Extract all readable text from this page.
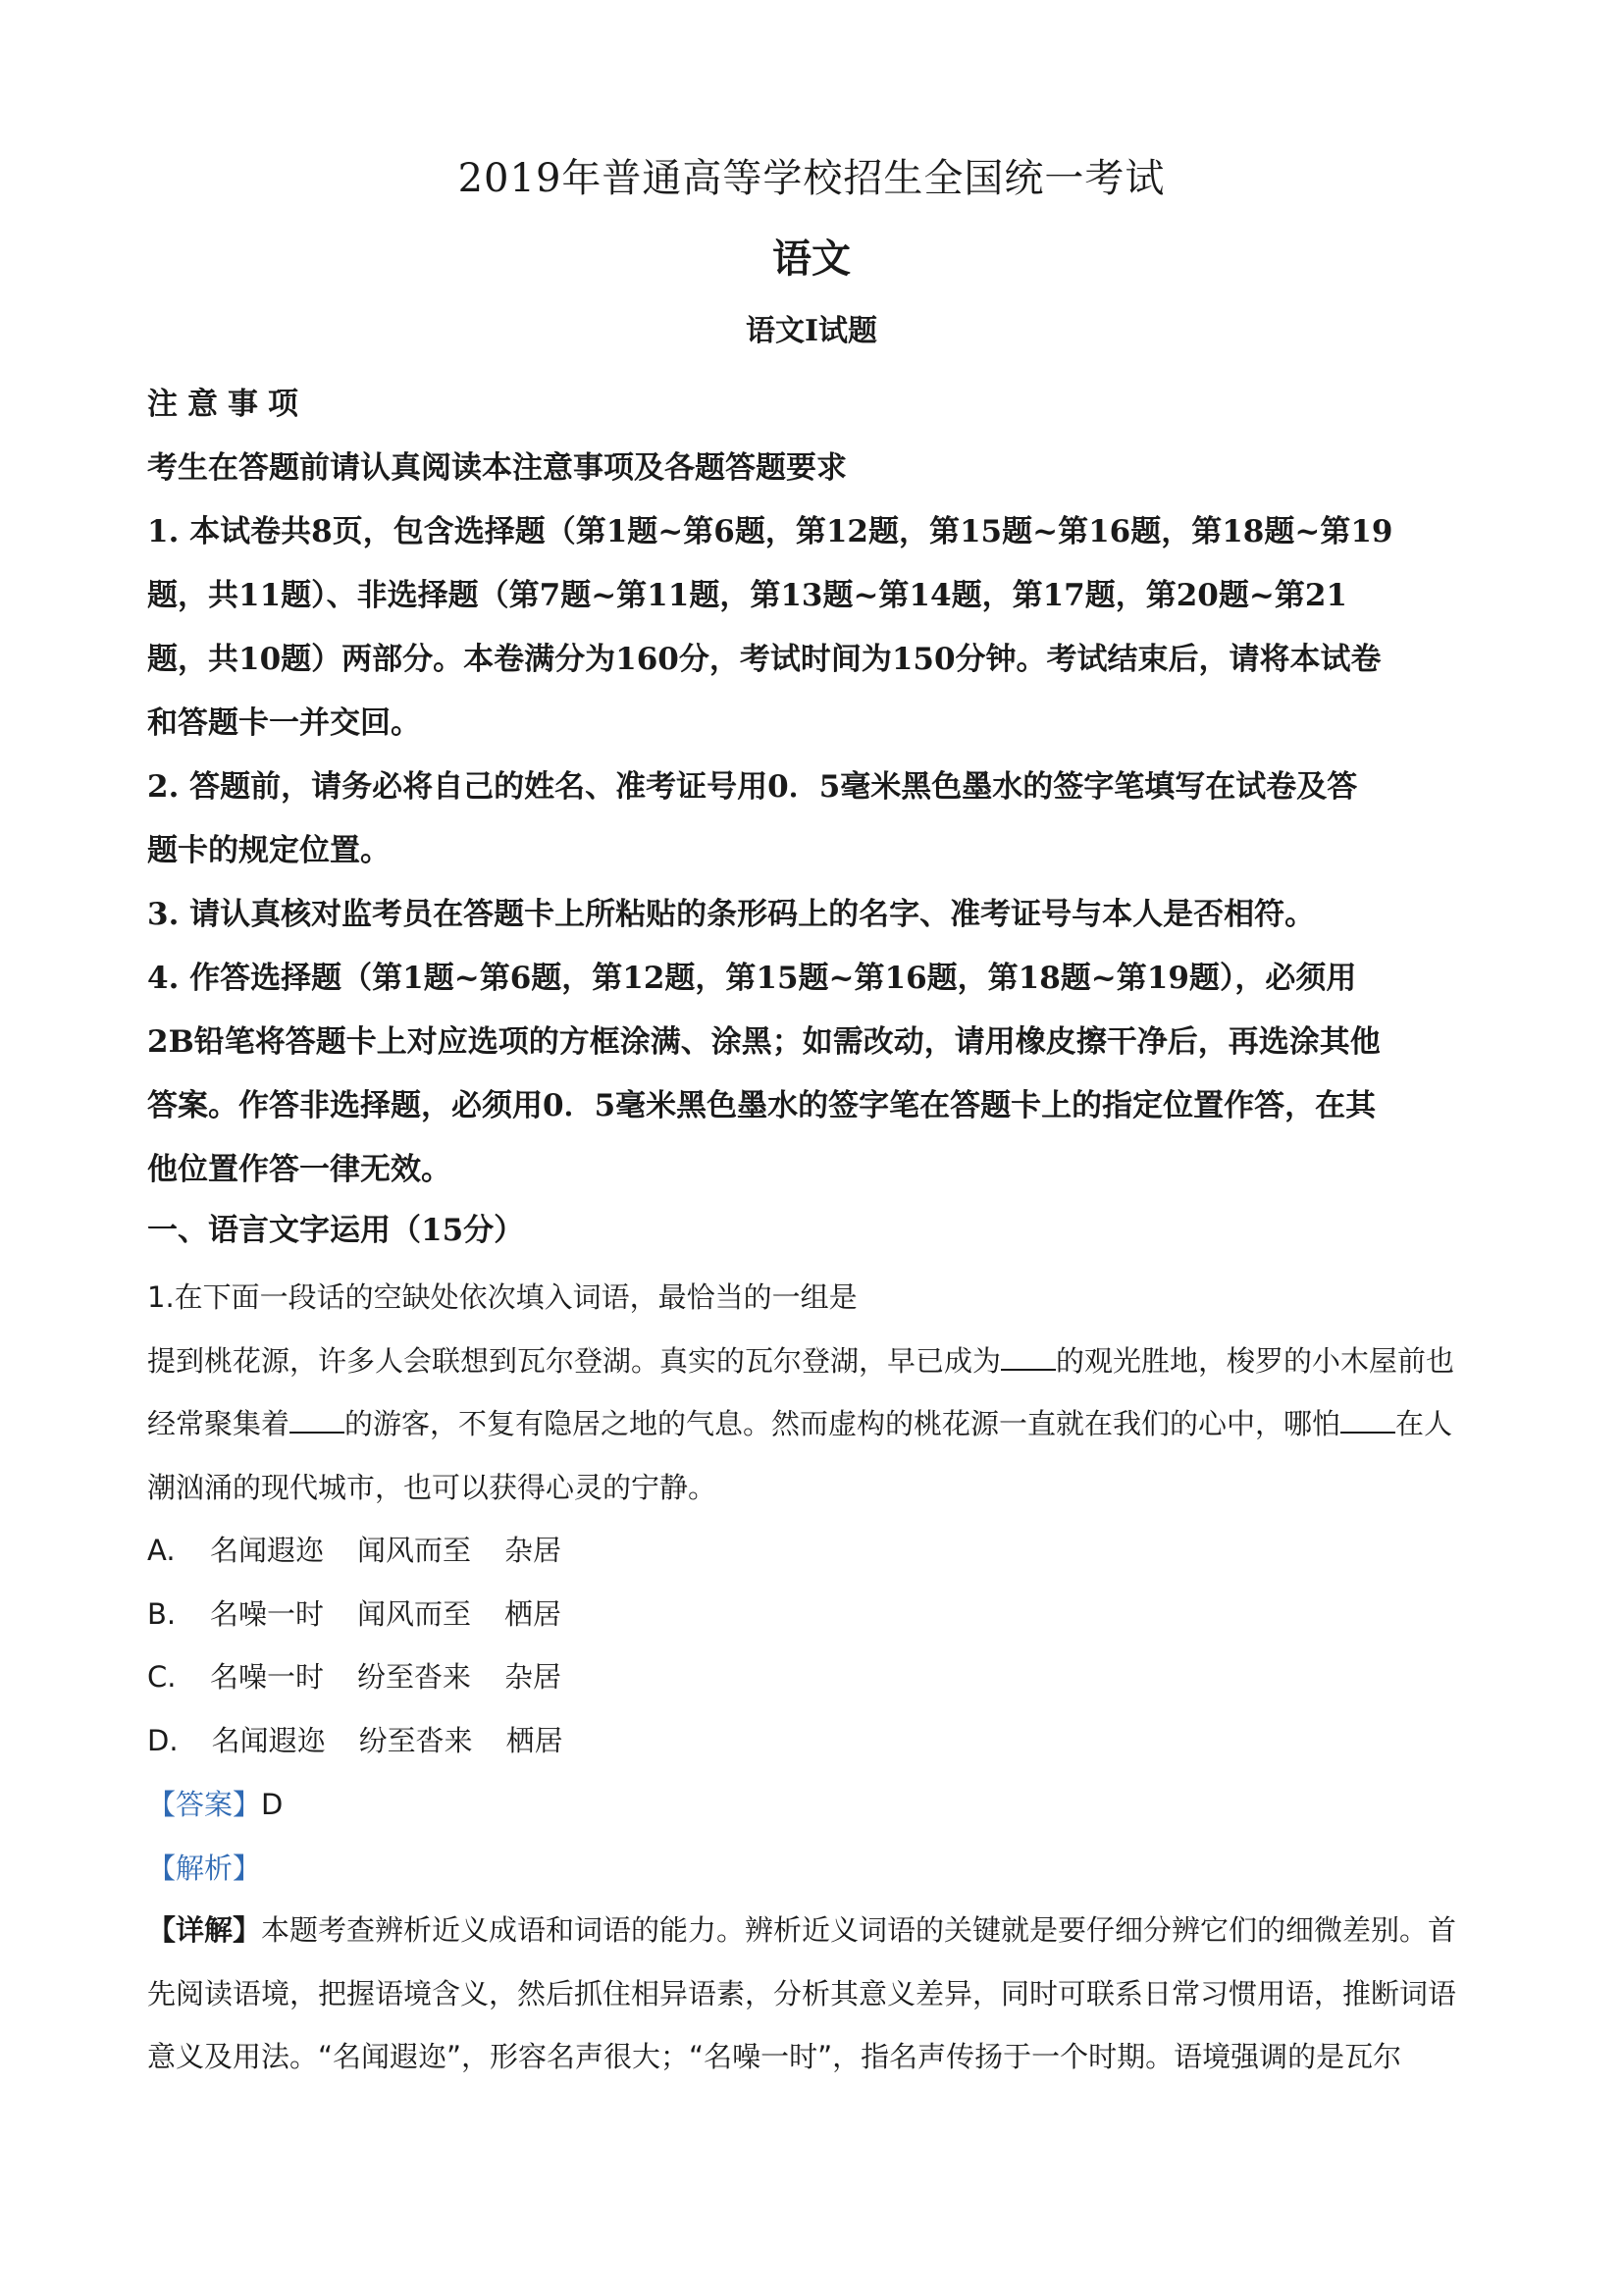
2019年普通高等学校招生全国统一考试
语文
语文Ⅰ试题

注意事项

考生在答题前请认真阅读本注意事项及各题答题要求

1. 本试卷共8页，包含选择题（第1题~第6题，第12题，第15题~第16题，第18题~第19

题，共11题）、非选择题（第7题~第11题，第13题~第14题，第17题，第20题~第21

题，共10题）两部分。本卷满分为160分，考试时间为150分钟。考试结束后，请将本试卷

和答题卡一并交回。

2. 答题前，请务必将自己的姓名、准考证号用0．5毫米黑色墨水的签字笔填写在试卷及答

题卡的规定位置。

3. 请认真核对监考员在答题卡上所粘贴的条形码上的名字、准考证号与本人是否相符。

4. 作答选择题（第1题~第6题，第12题，第15题~第16题，第18题~第19题），必须用

2B铅笔将答题卡上对应选项的方框涂满、涂黑；如需改动，请用橡皮擦干净后，再选涂其他

答案。作答非选择题，必须用0．5毫米黑色墨水的签字笔在答题卡上的指定位置作答，在其

他位置作答一律无效。

一、语言文字运用（15分）

1.在下面一段话的空缺处依次填入词语，最恰当的一组是

提到桃花源，许多人会联想到瓦尔登湖。真实的瓦尔登湖，早已成为 的观光胜地，梭罗的小木屋前也

经常聚集着 的游客，不复有隐居之地的气息。然而虚构的桃花源一直就在我们的心中，哪怕 在人

潮汹涌的现代城市，也可以获得心灵的宁静。

A. 名闻遐迩 闻风而至 杂居
B. 名噪一时 闻风而至 栖居
C. 名噪一时 纷至沓来 杂居
D. 名闻遐迩 纷至沓来 栖居

【答案】D

【解析】

【详解】本题考查辨析近义成语和词语的能力。辨析近义词语的关键就是要仔细分辨它们的细微差别。首

先阅读语境，把握语境含义，然后抓住相异语素，分析其意义差异，同时可联系日常习惯用语，推断词语

意义及用法。“名闻遐迩”，形容名声很大；“名噪一时”，指名声传扬于一个时期。语境强调的是瓦尔
